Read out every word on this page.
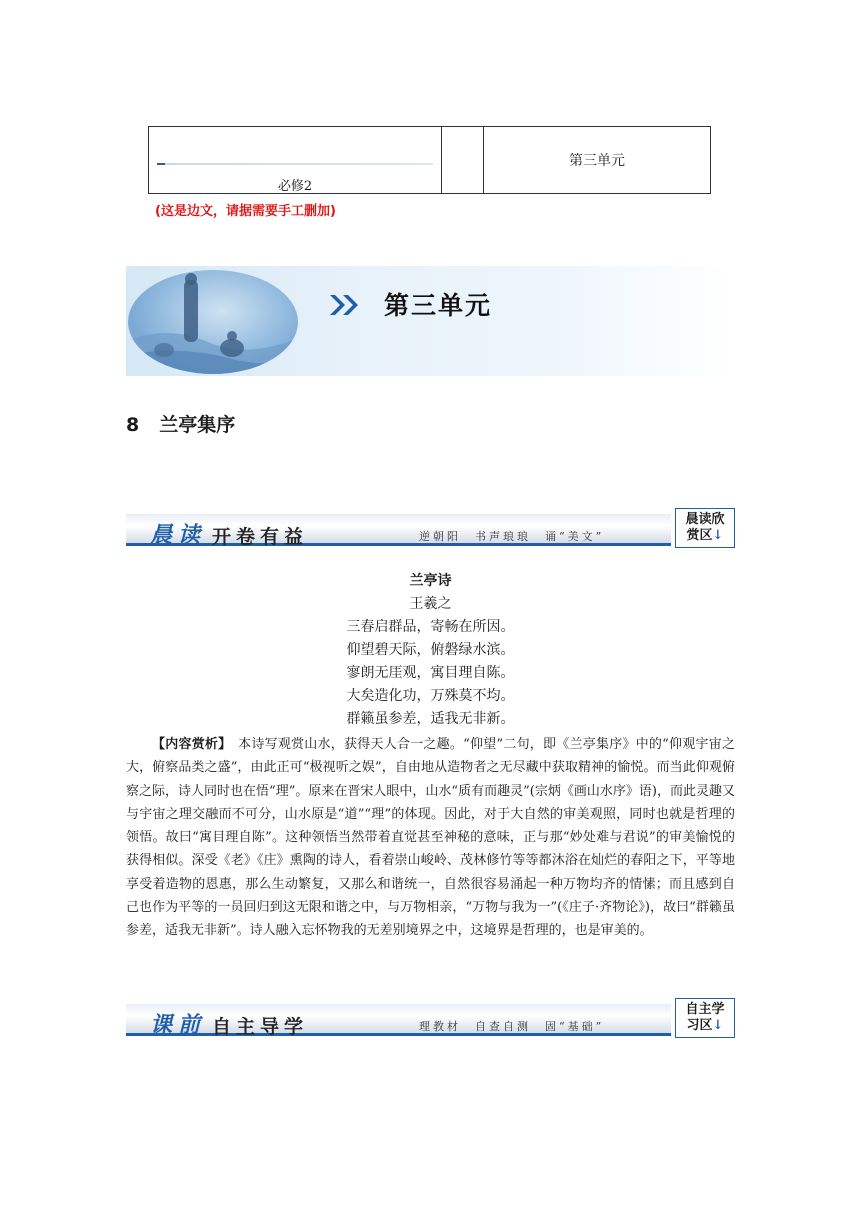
必修2
第三单元
(这是边文，请据需要手工删加)
第三单元
8 兰亭集序
晨读 开卷有益	逆朝阳　书声琅琅　诵“美文”
晨读欣
赏区↓
兰亭诗
王羲之
三春启群品，寄畅在所因。
仰望碧天际，俯磐绿水滨。
寥朗无厓观，寓目理自陈。
大矣造化功，万殊莫不均。
群籁虽参差，适我无非新。
【内容赏析】　 本诗写观赏山水，获得天人合一之趣。“仰望”二句，即《兰亭集序》中的“仰观宇宙之大，俯察品类之盛”，由此正可“极视听之娱”，自由地从造物者之无尽藏中获取精神的愉悦。而当此仰观俯察之际，诗人同时也在悟“理”。原来在晋宋人眼中，山水“质有而趣灵”(宗炳《画山水序》语)，而此灵趣又与宇宙之理交融而不可分，山水原是“道”“理”的体现。因此，对于大自然的审美观照，同时也就是哲理的领悟。故曰“寓目理自陈”。这种领悟当然带着直觉甚至神秘的意味，正与那“妙处难与君说”的审美愉悦的获得相似。深受《老》《庄》熏陶的诗人，看着崇山峻岭、茂林修竹等等都沐浴在灿烂的春阳之下，平等地享受着造物的恩惠，那么生动繁复，又那么和谐统一，自然很容易涌起一种万物均齐的情愫；而且感到自己也作为平等的一员回归到这无限和谐之中，与万物相亲，“万物与我为一”(《庄子·齐物论》)，故曰“群籁虽参差，适我无非新”。诗人融入忘怀物我的无差别境界之中，这境界是哲理的，也是审美的。
课前 自主导学	理教材　自查自测　固“基础”
自主学
习区↓
